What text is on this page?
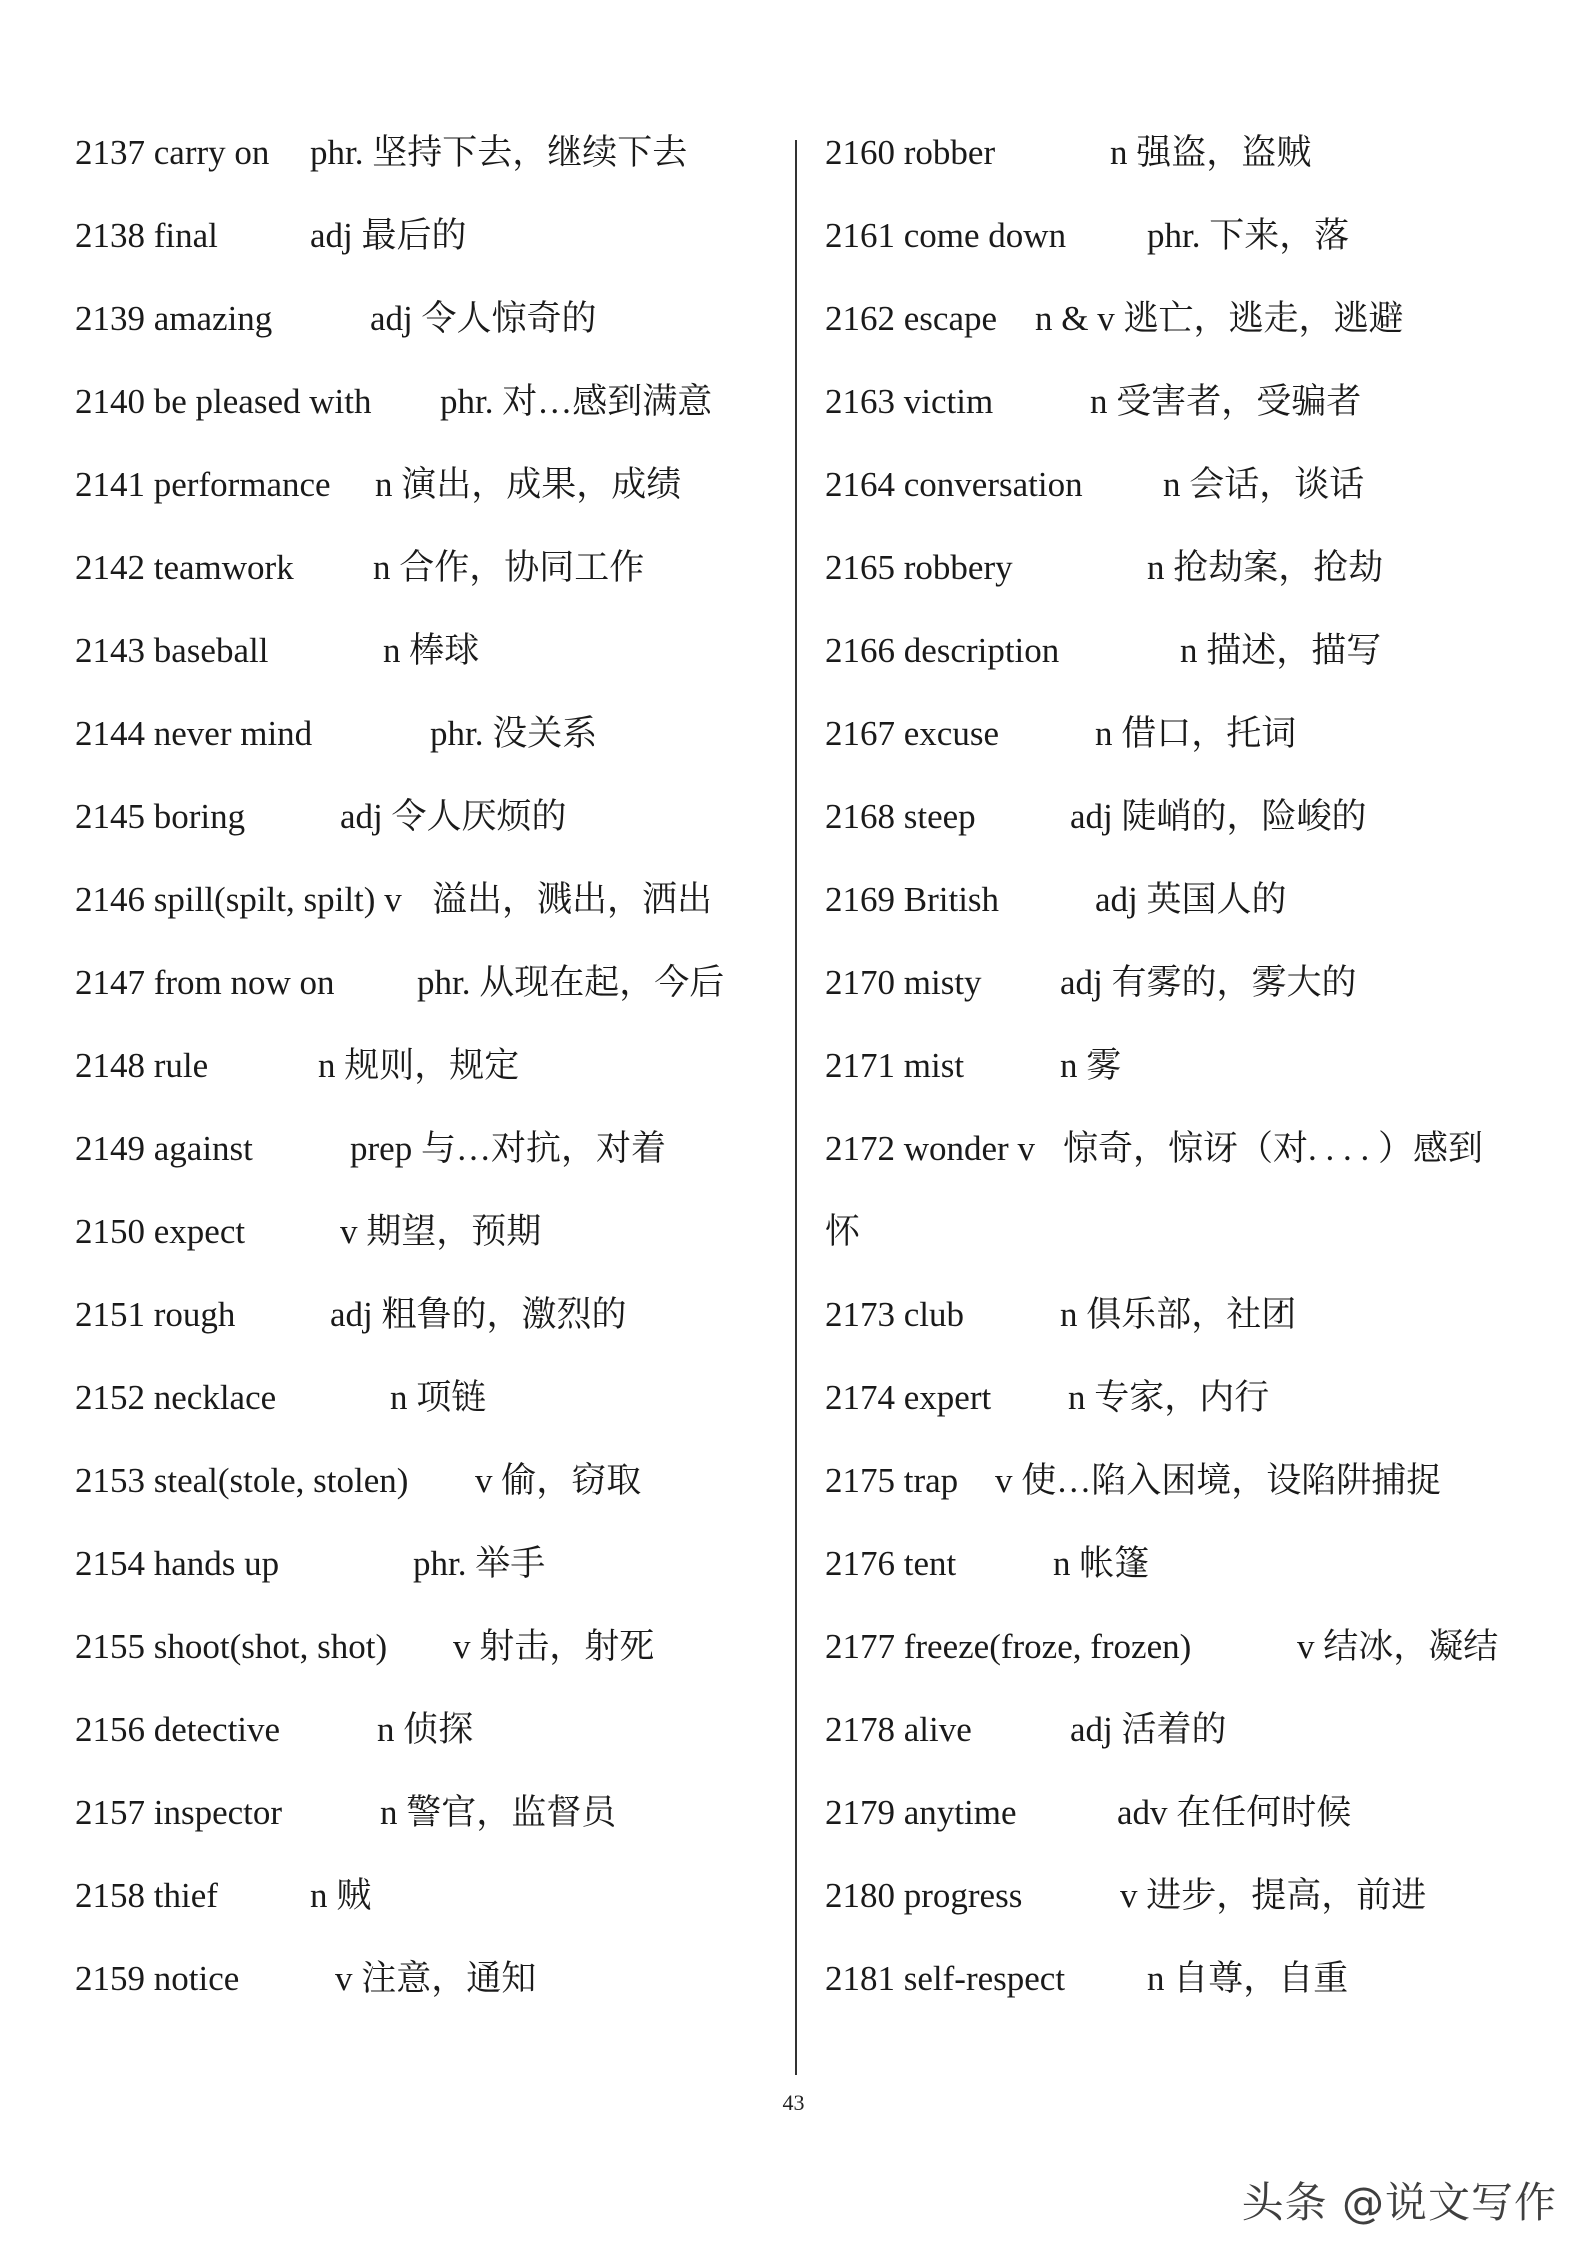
2137 carry on phr. 坚持下去，继续下去
2138 final	adj 最后的
2139 amazing	adj 令人惊奇的
2140 be pleased with phr. 对…感到满意
2141 performance n 演出，成果，成绩
2142 teamwork n 合作，协同工作
2143 baseball	n 棒球
2144 never mind	phr. 没关系
2145 boring	adj 令人厌烦的
2146 spill(spilt, spilt) v 溢出，溅出，洒出
2147 from now on phr. 从现在起，今后
2148 rule	n 规则，规定
2149 against	prep 与…对抗，对着
2150 expect	v 期望，预期
2151 rough	adj 粗鲁的，激烈的
2152 necklace	n 项链
2153 steal(stole, stolen) v 偷，窃取
2154 hands up	phr. 举手
2155 shoot(shot, shot) v 射击，射死
2156 detective	n 侦探
2157 inspector	n 警官，监督员
2158 thief	n 贼
2159 notice	v 注意，通知
2160 robber	n 强盗，盗贼
2161 come down phr. 下来，落
2162 escape n & v 逃亡，逃走，逃避
2163 victim	n 受害者，受骗者
2164 conversation n 会话，谈话
2165 robbery	n 抢劫案，抢劫
2166 description	n 描述，描写
2167 excuse	n 借口，托词
2168 steep	adj 陡峭的，险峻的
2169 British	adj 英国人的
2170 misty adj 有雾的，雾大的
2171 mist	n 雾
2172 wonder v 惊奇，惊讶（对. . . . ）感到
怀
2173 club	n 俱乐部，社团
2174 expert n 专家，内行
2175 trap v 使…陷入困境，设陷阱捕捉
2176 tent	n 帐篷
2177 freeze(froze, frozen)	v 结冰，凝结
2178 alive	adj 活着的
2179 anytime	adv 在任何时候
2180 progress	v 进步，提高，前进
2181 self-respect n 自尊，自重
43
头条 @说文写作
